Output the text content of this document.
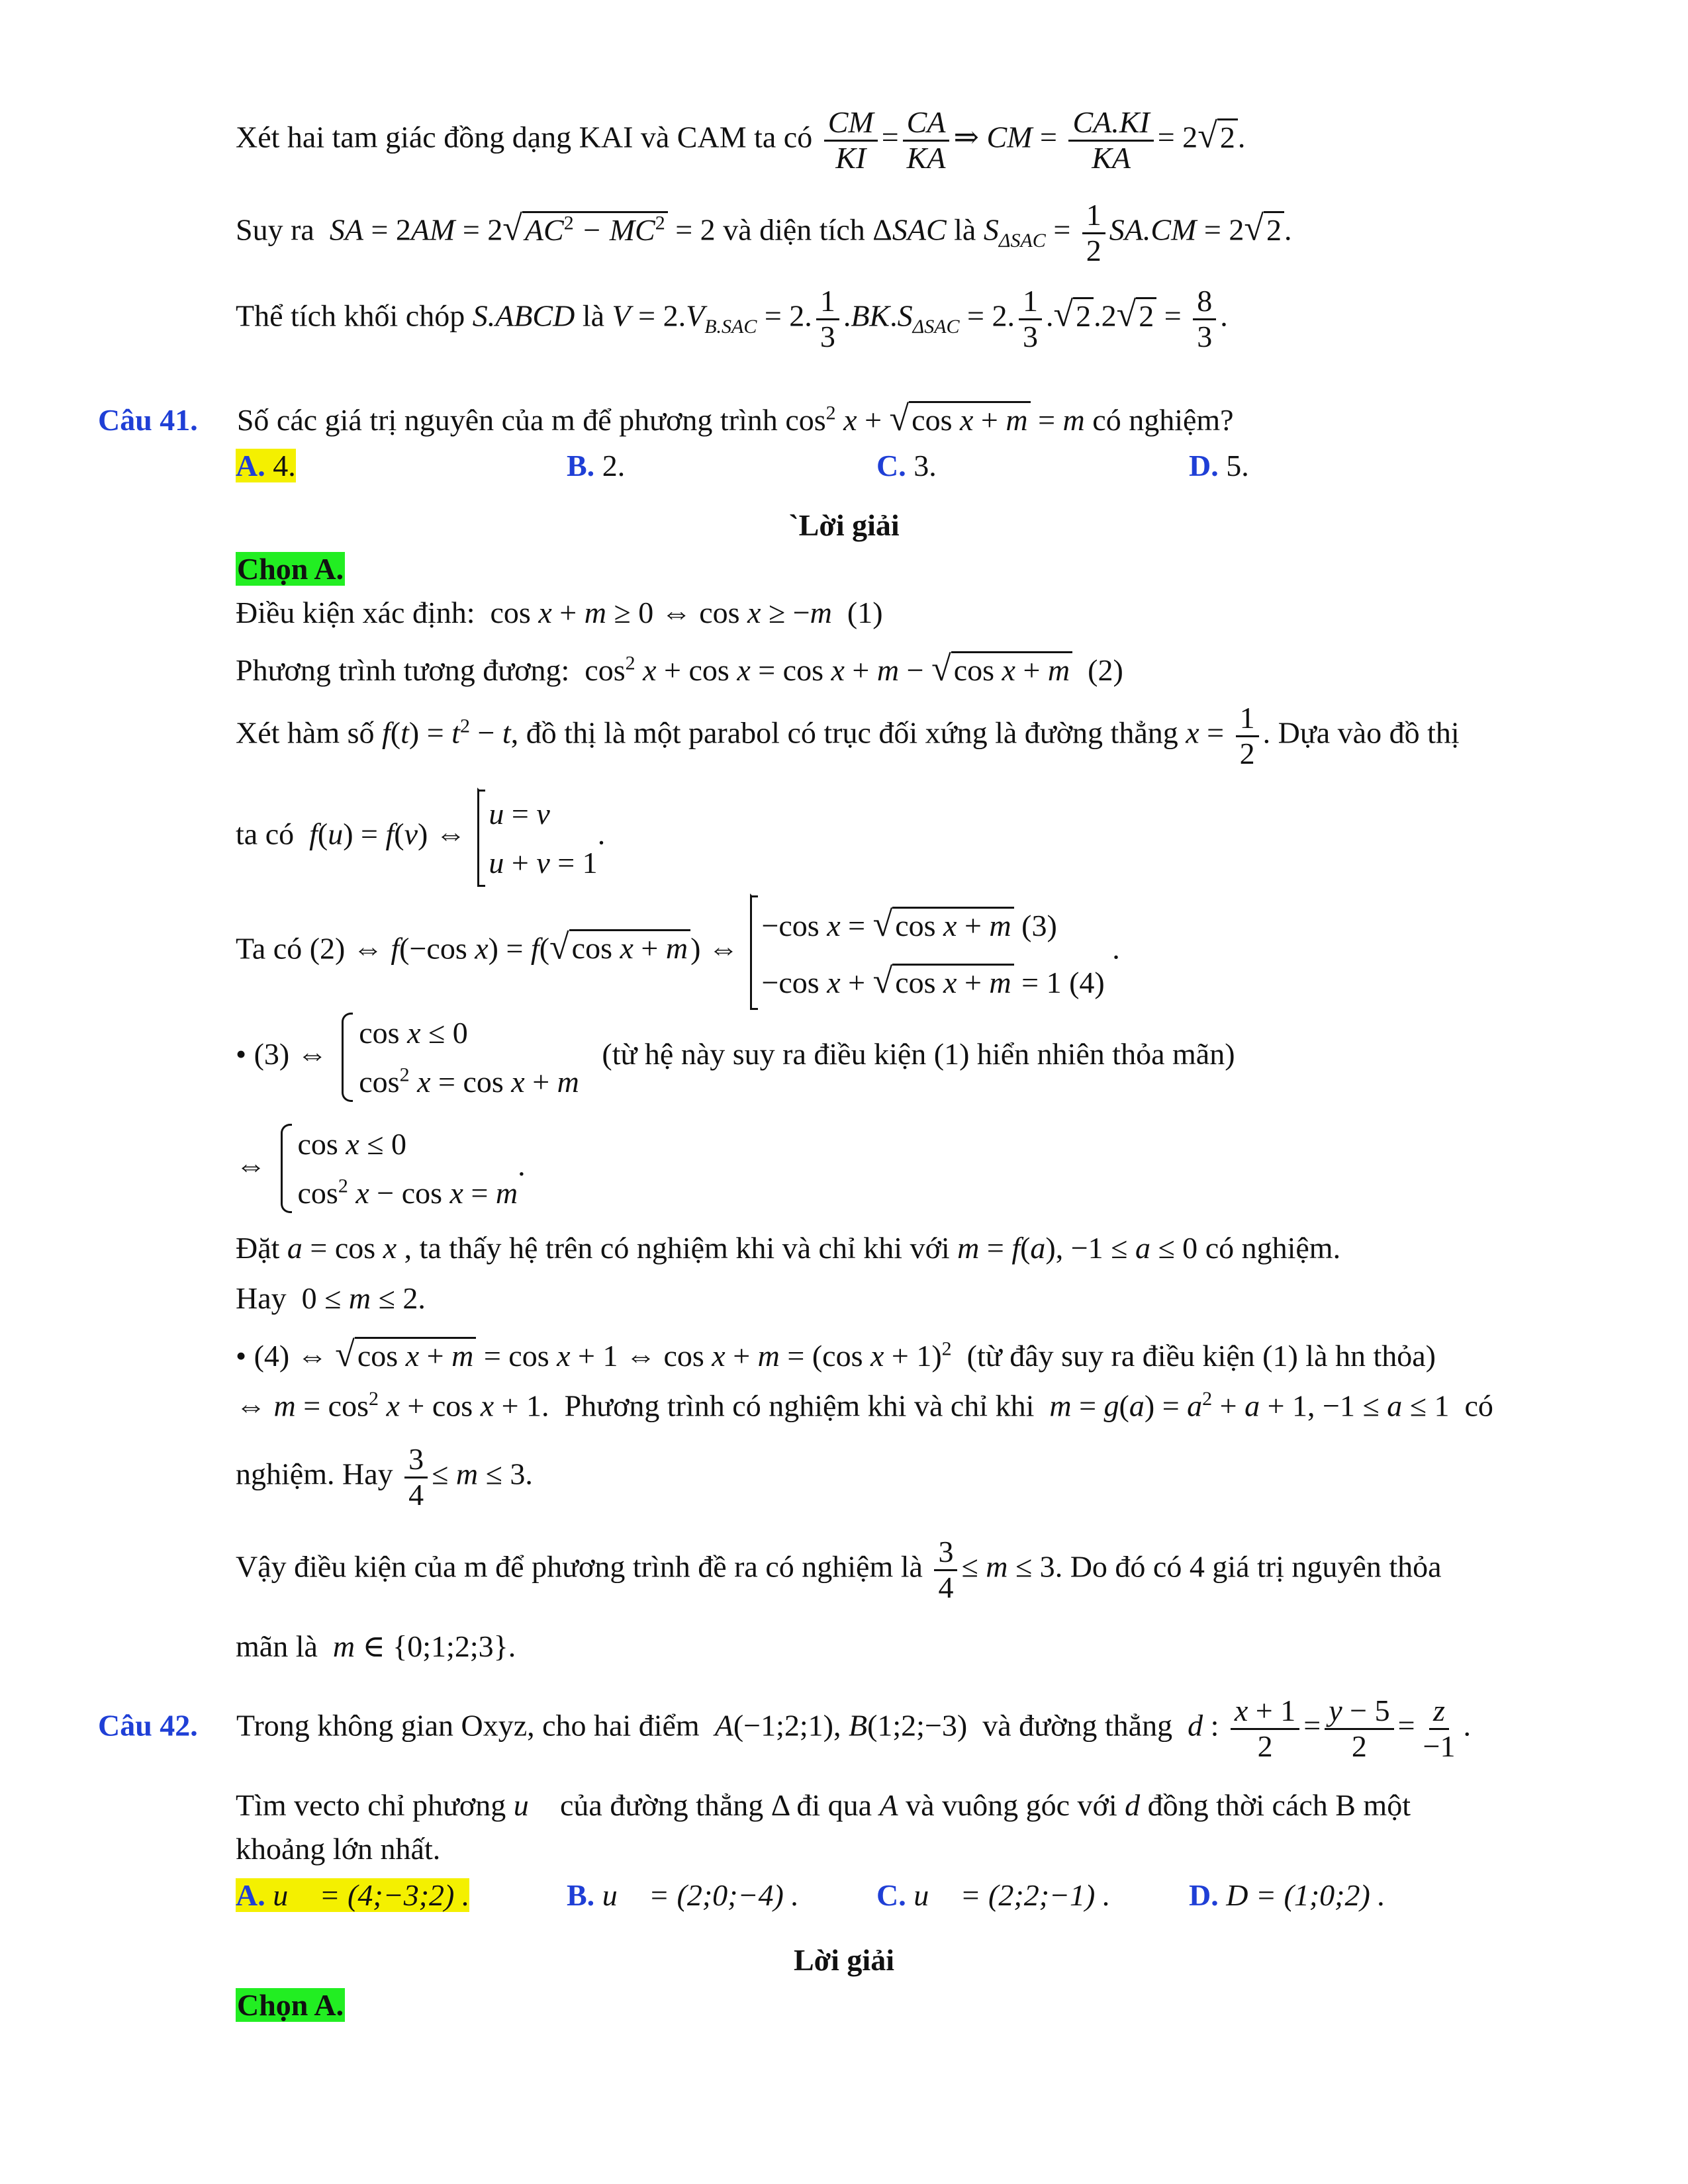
Xét hai tam giác đồng dạng KAI và CAM ta có $\frac{CM}{KI} = \frac{CA}{KA}$ ⇒ CM = $\frac{CA.KI}{KA} = 2√2$.
Suy ra SA = $2AM = 2√AC^2 - MC^2 = 2$ và diện tích ΔSAC là $S_{\Delta SAC} = \frac{1}{2} SA.CM = 2√2$.
Thể tích khối chóp S.ABCD là $V = 2.V_{B.SAC} = 2$. $\frac{1}{3} .BK.S_{\Delta SAC} = 2$. $\frac{1}{3} .√2.2√2 = \frac{8}{3}$ .
Câu 41. Số các giá trị nguyên của m để phương trình $\cos^2 x + √\cos$ x + m = m có nghiệm?
A. 4.	B. 2.	C. 3.	D. 5.
`Lời giải
Chọn A.
Điều kiện xác định:  cos x + m ≥ 0 ⇔ cos x ≥ −m  (1)
Phương trình tương đương:  $\cos^2 x + \cos x = \cos x + m - √\cos$ x + m  (2)
Xét hàm số $f(t) = t^2 - t$, đồ thị là một parabol có trục đối xứng là đường thẳng $x = \frac{1}{2}$ . Dựa vào đồ thị
ta có f(u) = f(v) ⇔
u = v
u + v = 1
.
Ta có (2) ⇔ f(−cos x) = f(√cos x + m) ⇔
−cos x = √cos x + m (3)
−cos x + √cos x + m = 1 (4)
.
• (3) ⇔
cos x ≤ 0
$\cos^2 x = \cos x + m$
(từ hệ này suy ra điều kiện (1) hiển nhiên thỏa mãn)
⇔
cos x ≤ 0
$\cos^2 x - \cos x = m$
.
Đặt a = cos x , ta thấy hệ trên có nghiệm khi và chỉ khi với m = f(a), −1 ≤ a ≤ 0 có nghiệm.
Hay  0 ≤ m ≤ 2.
• (4) ⇔ √cos x + m = cos x + 1 ⇔ cos x + m = (cos x + 1)$^2$ (từ đây suy ra điều kiện (1) là hn thỏa)
⇔ $m = \cos^2 x + \cos x + 1$.  Phương trình có nghiệm khi và chỉ khi $m = g(a) = a^2 + a + 1$, −1 ≤ a ≤ 1  có
nghiệm. Hay $\frac{3}{4} \le m \le 3$.
Vậy điều kiện của m để phương trình đề ra có nghiệm là $\frac{3}{4} \le m \le 3$. Do đó có 4 giá trị nguyên thỏa
mãn là m ∈ {0;1;2;3}.
Câu 42. Trong không gian Oxyz, cho hai điểm A(−1;2;1), B(1;2;−3)  và đường thẳng d : $\frac{x + 1}{2} = \frac{y - 5}{2} = \frac{z}{-1}$ .
Tìm vecto chỉ phương u⃗ của đường thẳng Δ đi qua A và vuông góc với d đồng thời cách B một
khoảng lớn nhất.
A. u⃗ = (4;−3;2) .	B. u⃗ = (2;0;−4) .	C. u⃗ = (2;2;−1) .	D. D = (1;0;2) .
Lời giải
Chọn A.
